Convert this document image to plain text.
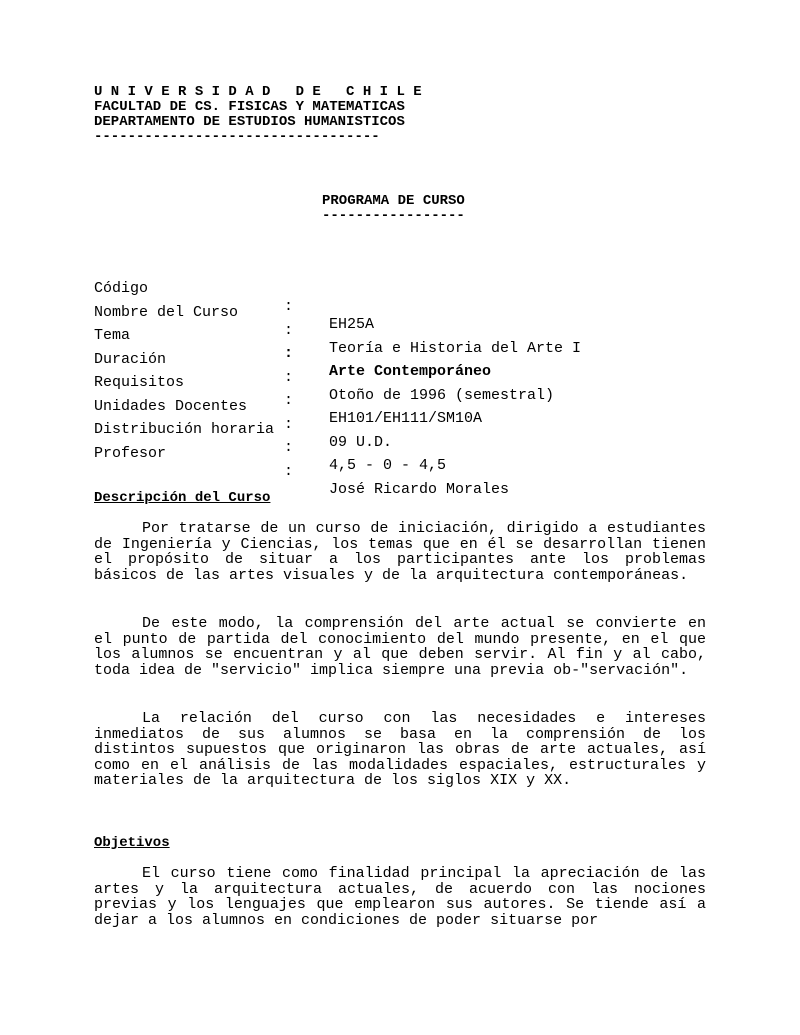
U N I V E R S I D A D   D E   C H I L E
FACULTAD DE CS. FISICAS Y MATEMATICAS
DEPARTAMENTO DE ESTUDIOS HUMANISTICOS
----------------------------------
PROGRAMA DE CURSO
-----------------

Código

:

EH25A

Nombre del Curso

:

Teoría e Historia del Arte I

Tema

:

Arte Contemporáneo

Duración

:

Otoño de 1996 (semestral)

Requisitos

:

EH101/EH111/SM10A

Unidades Docentes

:

09 U.D.

Distribución horaria

:

4,5 - 0 - 4,5

Profesor

:

José Ricardo Morales

Descripción del Curso
Por tratarse de un curso de iniciación, dirigido a estudiantes de Ingeniería y Ciencias, los temas que en él se desarrollan tienen el propósito de situar a los participantes ante los problemas básicos de las artes visuales y de la arquitectura contemporáneas.
De este modo, la comprensión del arte actual se convierte en el punto de partida del conocimiento del mundo presente, en el que los alumnos se encuentran y al que deben servir. Al fin y al cabo, toda idea de "servicio" implica siempre una previa ob-"servación".
La relación del curso con las necesidades e intereses inmediatos de sus alumnos se basa en la comprensión de los distintos supuestos que originaron las obras de arte actuales, así como en el análisis de las modalidades espaciales, estructurales y materiales de la arquitectura de los siglos XIX y XX.
Objetivos
El curso tiene como finalidad principal la apreciación de las artes y la arquitectura actuales, de acuerdo con las nociones previas y los lenguajes que emplearon sus autores. Se tiende así a dejar a los alumnos en condiciones de poder situarse por
